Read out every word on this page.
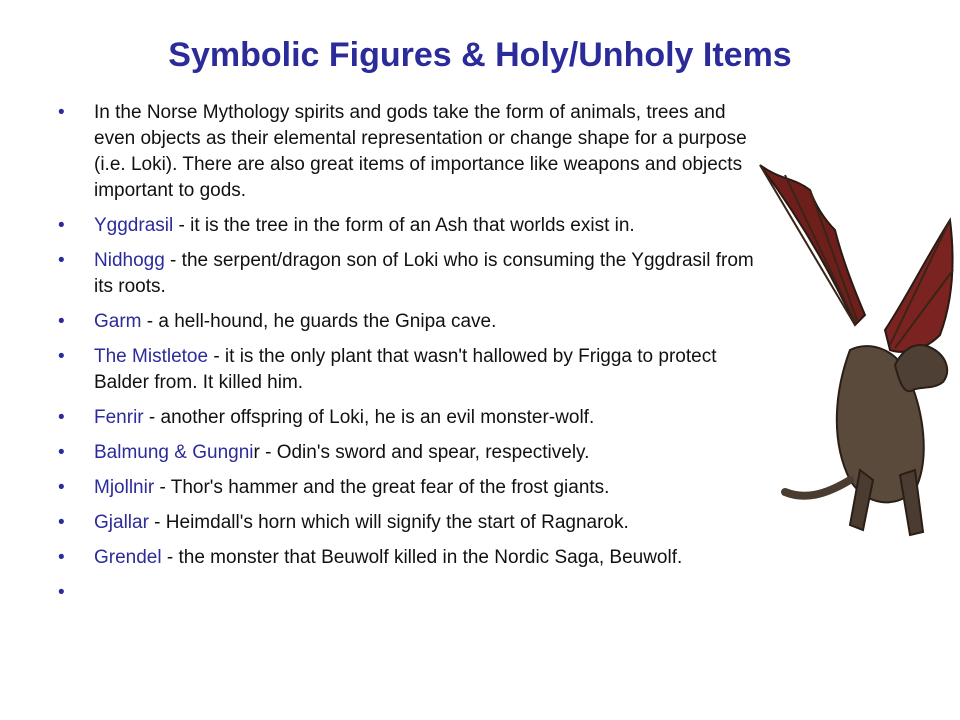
Symbolic Figures & Holy/Unholy Items
• In the Norse Mythology spirits and gods take the form of animals, trees and even objects as their elemental representation or change shape for a purpose (i.e. Loki). There are also great items of importance like weapons and objects important to gods.
• Yggdrasil - it is the tree in the form of an Ash that worlds exist in.
• Nidhogg - the serpent/dragon son of Loki who is consuming the Yggdrasil from its roots.
• Garm - a hell-hound, he guards the Gnipa cave.
• The Mistletoe - it is the only plant that wasn't hallowed by Frigga to protect Balder from. It killed him.
• Fenrir - another offspring of Loki, he is an evil monster-wolf.
• Balmung & Gungnir - Odin's sword and spear, respectively.
• Mjollnir - Thor's hammer and the great fear of the frost giants.
• Gjallar - Heimdall's horn which will signify the start of Ragnarok.
• Grendel - the monster that Beuwolf killed in the Nordic Saga, Beuwolf.
•
